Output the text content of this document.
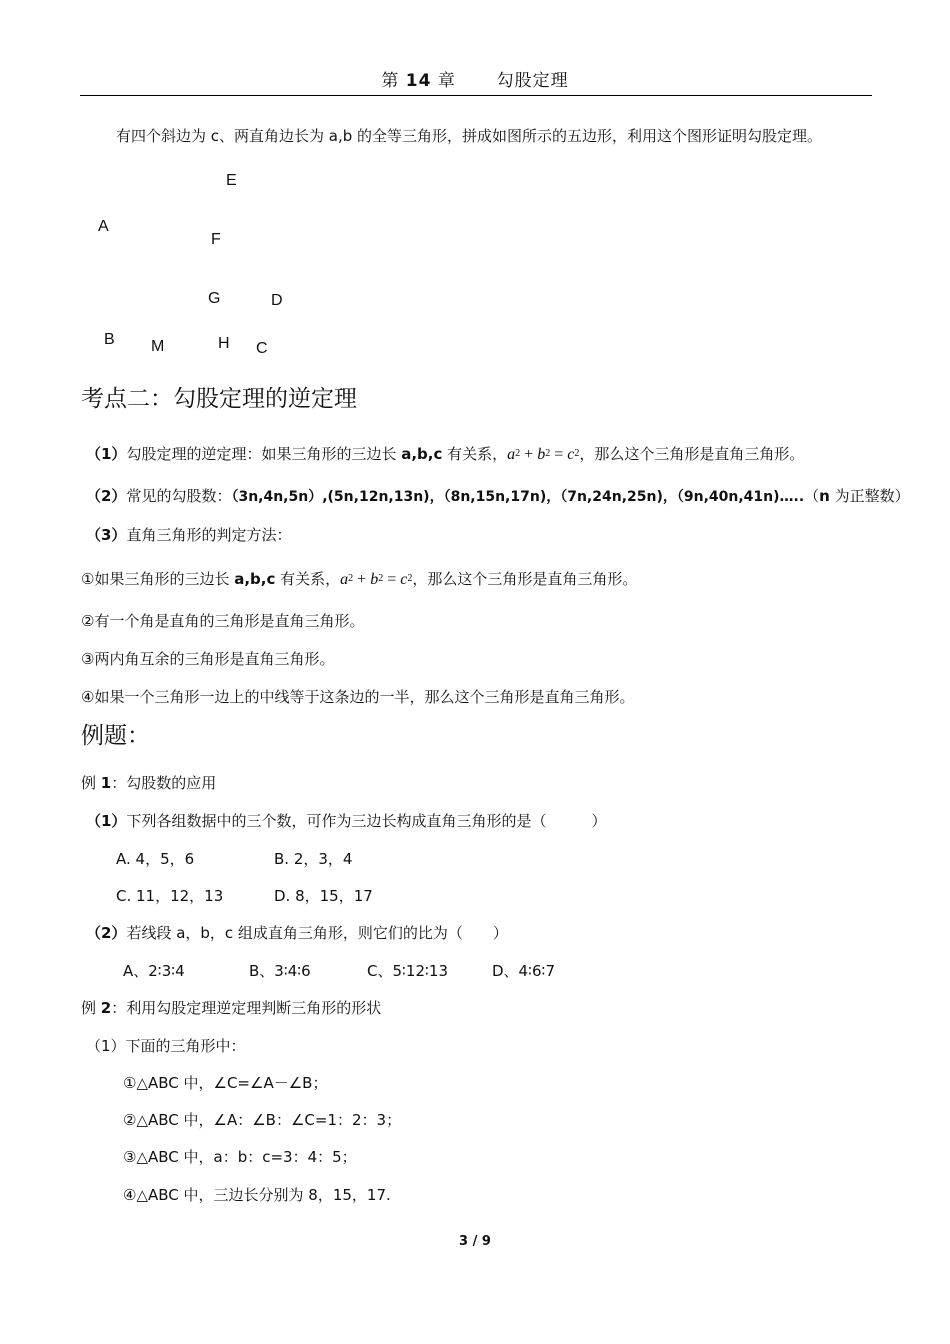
第 14 章 勾股定理
有四个斜边为 c、两直角边长为 a,b 的全等三角形，拼成如图所示的五边形，利用这个图形证明勾股定理。
E
A
F
G	D
B M	H C
考点二：勾股定理的逆定理
（1）勾股定理的逆定理：如果三角形的三边长 a,b,c 有关系，$a^2 + b^2 = c^2$，那么这个三角形是直角三角形。
（2）常见的勾股数：（3n,4n,5n）,(5n,12n,13n)，（8n,15n,17n)，（7n,24n,25n)，（9n,40n,41n)…..（n 为正整数）
（3）直角三角形的判定方法：
①如果三角形的三边长 a,b,c 有关系，$a^2 + b^2 = c^2$，那么这个三角形是直角三角形。
②有一个角是直角的三角形是直角三角形。
③两内角互余的三角形是直角三角形。
④如果一个三角形一边上的中线等于这条边的一半，那么这个三角形是直角三角形。
例题：
例 1：勾股数的应用
（1）下列各组数据中的三个数，可作为三边长构成直角三角形的是（　　　）
A. 4，5，6	B. 2，3，4
C. 11，12，13	D. 8，15，17
（2）若线段 a，b，c 组成直角三角形，则它们的比为（　　）
A、2∶3∶4	B、3∶4∶6	C、5∶12∶13	D、4∶6∶7
例 2：利用勾股定理逆定理判断三角形的形状
（1）下面的三角形中：
①△ABC 中，∠C=∠A－∠B；
②△ABC 中，∠A：∠B：∠C=1：2：3；
③△ABC 中，a：b：c=3：4：5；
④△ABC 中，三边长分别为 8，15，17.
3 / 9
